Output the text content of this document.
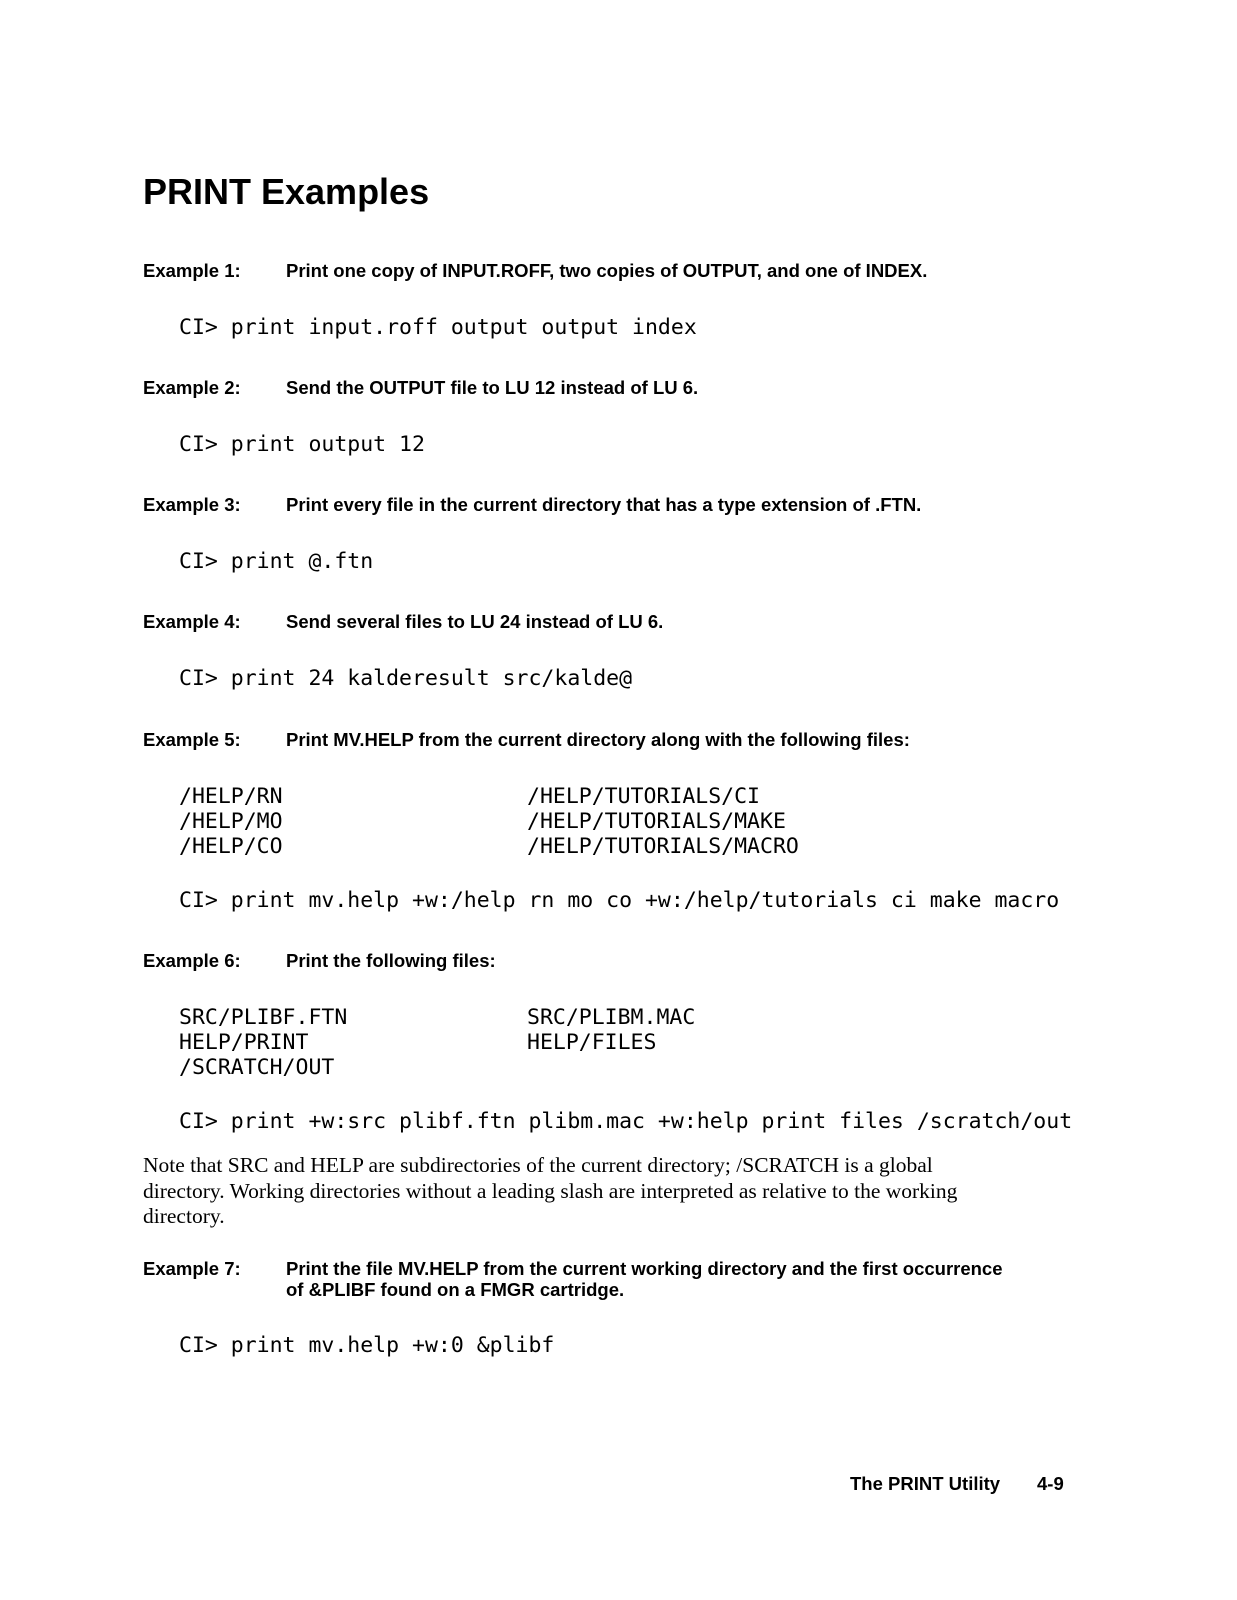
PRINT Examples
Example 1: Print one copy of INPUT.ROFF, two copies of OUTPUT, and one of INDEX.
CI> print input.roff output output index
Example 2: Send the OUTPUT file to LU 12 instead of LU 6.
CI> print output 12
Example 3: Print every file in the current directory that has a type extension of .FTN.
CI> print @.ftn
Example 4: Send several files to LU 24 instead of LU 6.
CI> print 24 kalderesult src/kalde@
Example 5: Print MV.HELP from the current directory along with the following files:
/HELP/RN
/HELP/MO
/HELP/CO
/HELP/TUTORIALS/CI
/HELP/TUTORIALS/MAKE
/HELP/TUTORIALS/MACRO
CI> print mv.help +w:/help rn mo co +w:/help/tutorials ci make macro
Example 6: Print the following files:
SRC/PLIBF.FTN
HELP/PRINT
/SCRATCH/OUT
SRC/PLIBM.MAC
HELP/FILES
CI> print +w:src plibf.ftn plibm.mac +w:help print files /scratch/out

Note that SRC and HELP are subdirectories of the current directory; /SCRATCH is a global
directory. Working directories without a leading slash are interpreted as relative to the working
directory.

Example 7: Print the file MV.HELP from the current working directory and the first occurrence
of &PLIBF found on a FMGR cartridge.
CI> print mv.help +w:0 &plibf
The PRINT Utility 4-9
